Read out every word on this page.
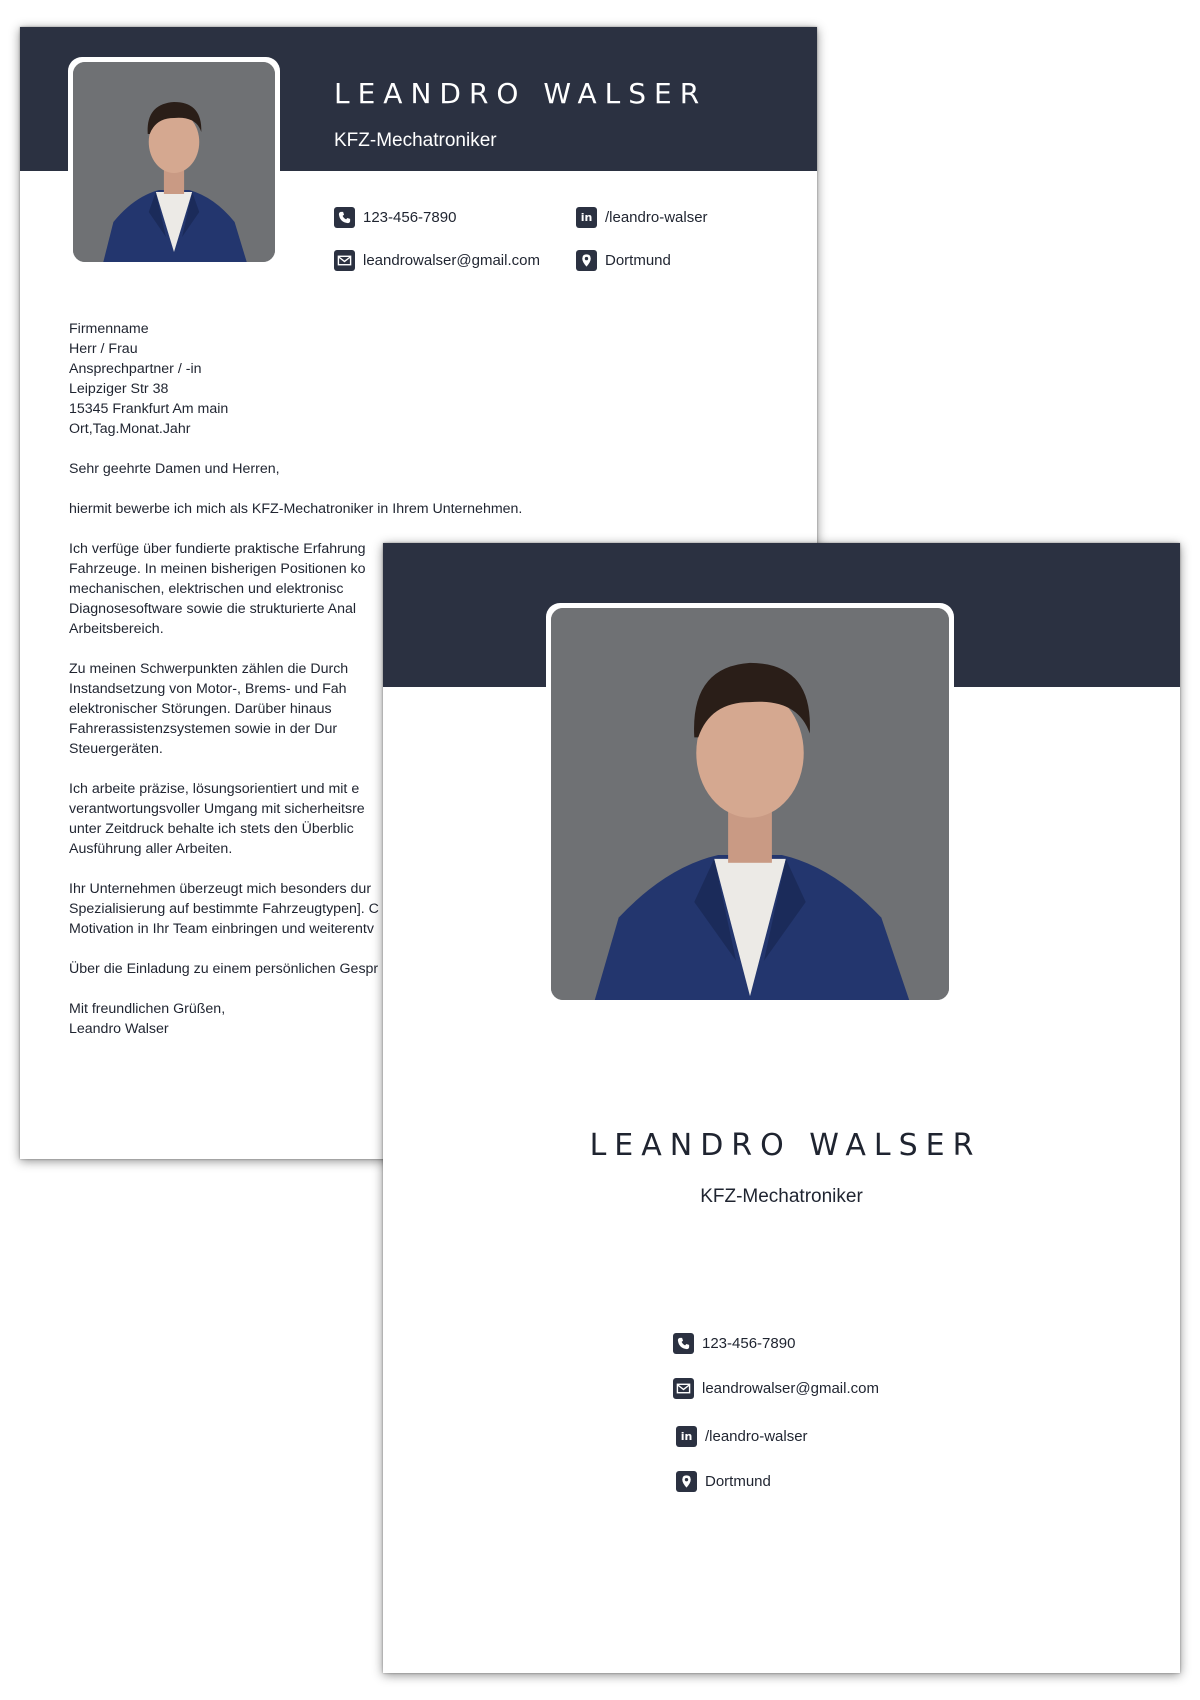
LEANDRO WALSER
KFZ-Mechatroniker
123-456-7890
leandrowalser@gmail.com
in /leandro-walser
Dortmund
Firmenname
Herr / Frau
Ansprechpartner / -in
Leipziger Str 38
15345 Frankfurt Am main
Ort,Tag.Monat.Jahr
Sehr geehrte Damen und Herren,
hiermit bewerbe ich mich als KFZ-Mechatroniker in Ihrem Unternehmen.
Ich verfüge über fundierte praktische Erfahrung
Fahrzeuge. In meinen bisherigen Positionen ko
mechanischen, elektrischen und elektronisc
Diagnosesoftware sowie die strukturierte Anal
Arbeitsbereich.
Zu meinen Schwerpunkten zählen die Durch
Instandsetzung von Motor-, Brems- und Fah
elektronischer Störungen. Darüber hinaus
Fahrerassistenzsystemen sowie in der Dur
Steuergeräten.
Ich arbeite präzise, lösungsorientiert und mit e
verantwortungsvoller Umgang mit sicherheitsre
unter Zeitdruck behalte ich stets den Überblic
Ausführung aller Arbeiten.
Ihr Unternehmen überzeugt mich besonders dur
Spezialisierung auf bestimmte Fahrzeugtypen]. C
Motivation in Ihr Team einbringen und weiterentv
Über die Einladung zu einem persönlichen Gespr
Mit freundlichen Grüßen,
Leandro Walser
LEANDRO WALSER
KFZ-Mechatroniker
123-456-7890
leandrowalser@gmail.com
in /leandro-walser
Dortmund
